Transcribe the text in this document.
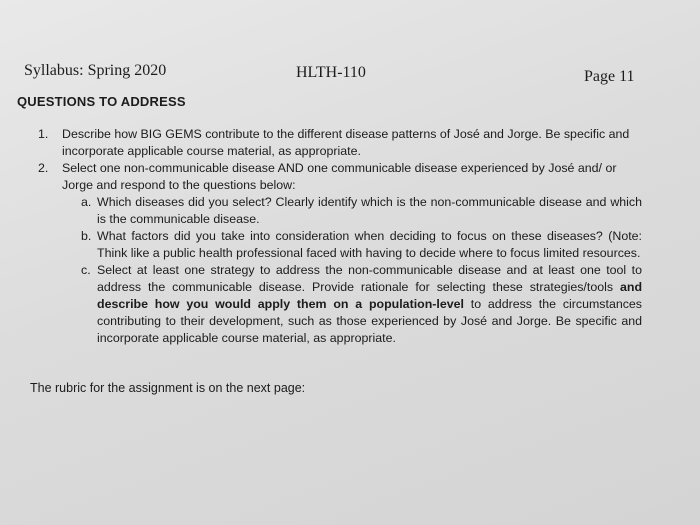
Syllabus: Spring 2020	HLTH-110	Page 11
QUESTIONS TO ADDRESS
1.	Describe how BIG GEMS contribute to the different disease patterns of José and Jorge. Be specific and incorporate applicable course material, as appropriate.
2.	Select one non-communicable disease AND one communicable disease experienced by José and/ or Jorge and respond to the questions below:
a. Which diseases did you select? Clearly identify which is the non-communicable disease and which is the communicable disease.
b. What factors did you take into consideration when deciding to focus on these diseases? (Note: Think like a public health professional faced with having to decide where to focus limited resources.
c. Select at least one strategy to address the non-communicable disease and at least one tool to address the communicable disease. Provide rationale for selecting these strategies/tools and describe how you would apply them on a population-level to address the circumstances contributing to their development, such as those experienced by José and Jorge. Be specific and incorporate applicable course material, as appropriate.
The rubric for the assignment is on the next page:
